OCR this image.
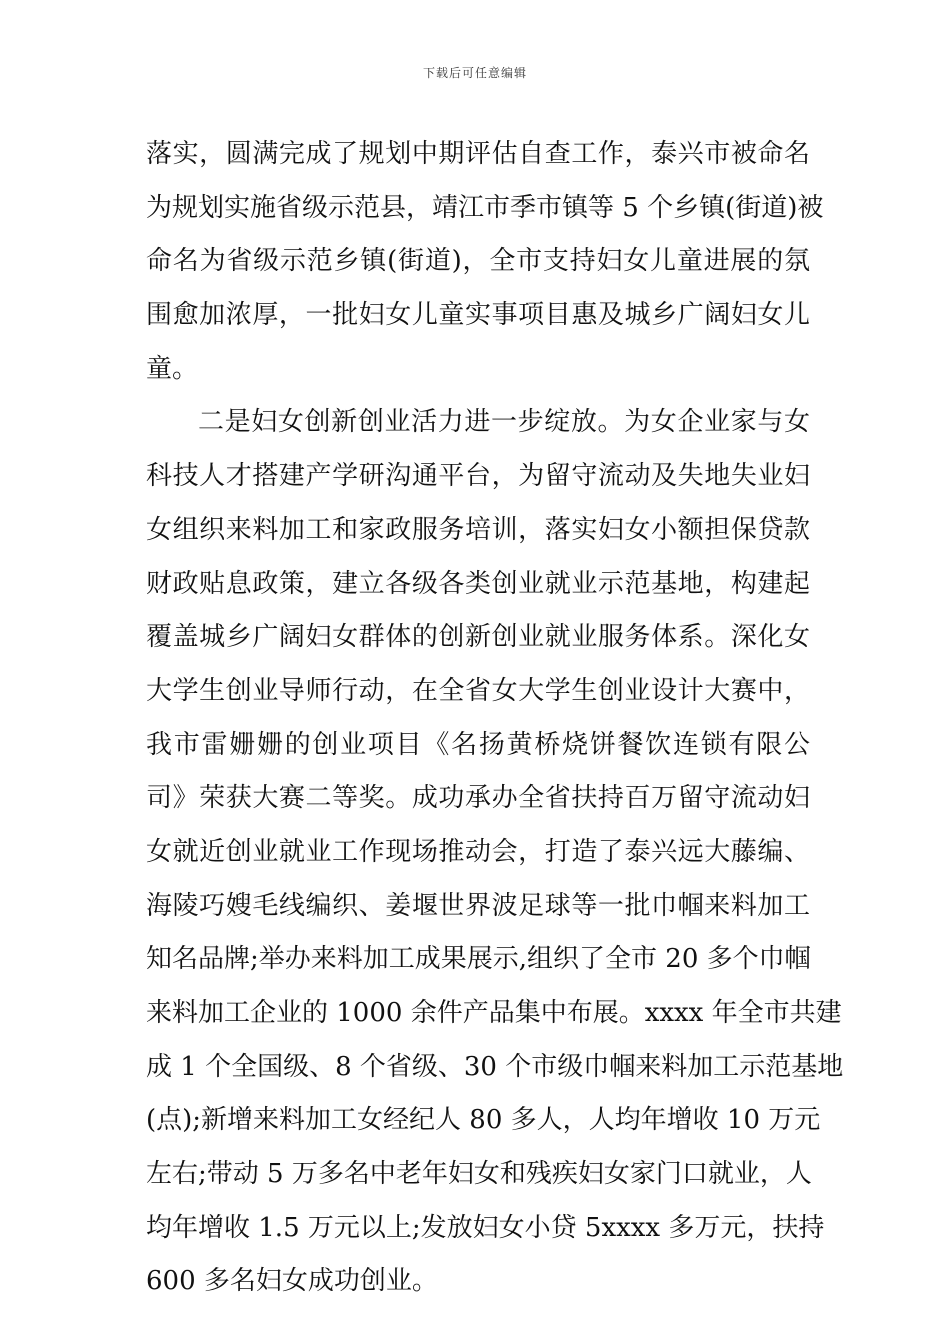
下载后可任意编辑
落实，圆满完成了规划中期评估自查工作，泰兴市被命名
为规划实施省级示范县，靖江市季市镇等 5 个乡镇(街道)被
命名为省级示范乡镇(街道)，全市支持妇女儿童进展的氛
围愈加浓厚，一批妇女儿童实事项目惠及城乡广阔妇女儿
童。
二是妇女创新创业活力进一步绽放。为女企业家与女
科技人才搭建产学研沟通平台，为留守流动及失地失业妇
女组织来料加工和家政服务培训，落实妇女小额担保贷款
财政贴息政策，建立各级各类创业就业示范基地，构建起
覆盖城乡广阔妇女群体的创新创业就业服务体系。深化女
大学生创业导师行动，在全省女大学生创业设计大赛中，
我市雷姗姗的创业项目《名扬黄桥烧饼餐饮连锁有限公
司》荣获大赛二等奖。成功承办全省扶持百万留守流动妇
女就近创业就业工作现场推动会，打造了泰兴远大藤编、
海陵巧嫂毛线编织、姜堰世界波足球等一批巾帼来料加工
知名品牌;举办来料加工成果展示,组织了全市 20 多个巾帼
来料加工企业的 1000 余件产品集中布展。xxxx 年全市共建
成 1 个全国级、8 个省级、30 个市级巾帼来料加工示范基地
(点);新增来料加工女经纪人 80 多人，人均年增收 10 万元
左右;带动 5 万多名中老年妇女和残疾妇女家门口就业，人
均年增收 1.5 万元以上;发放妇女小贷 5xxxx 多万元，扶持
600 多名妇女成功创业。
